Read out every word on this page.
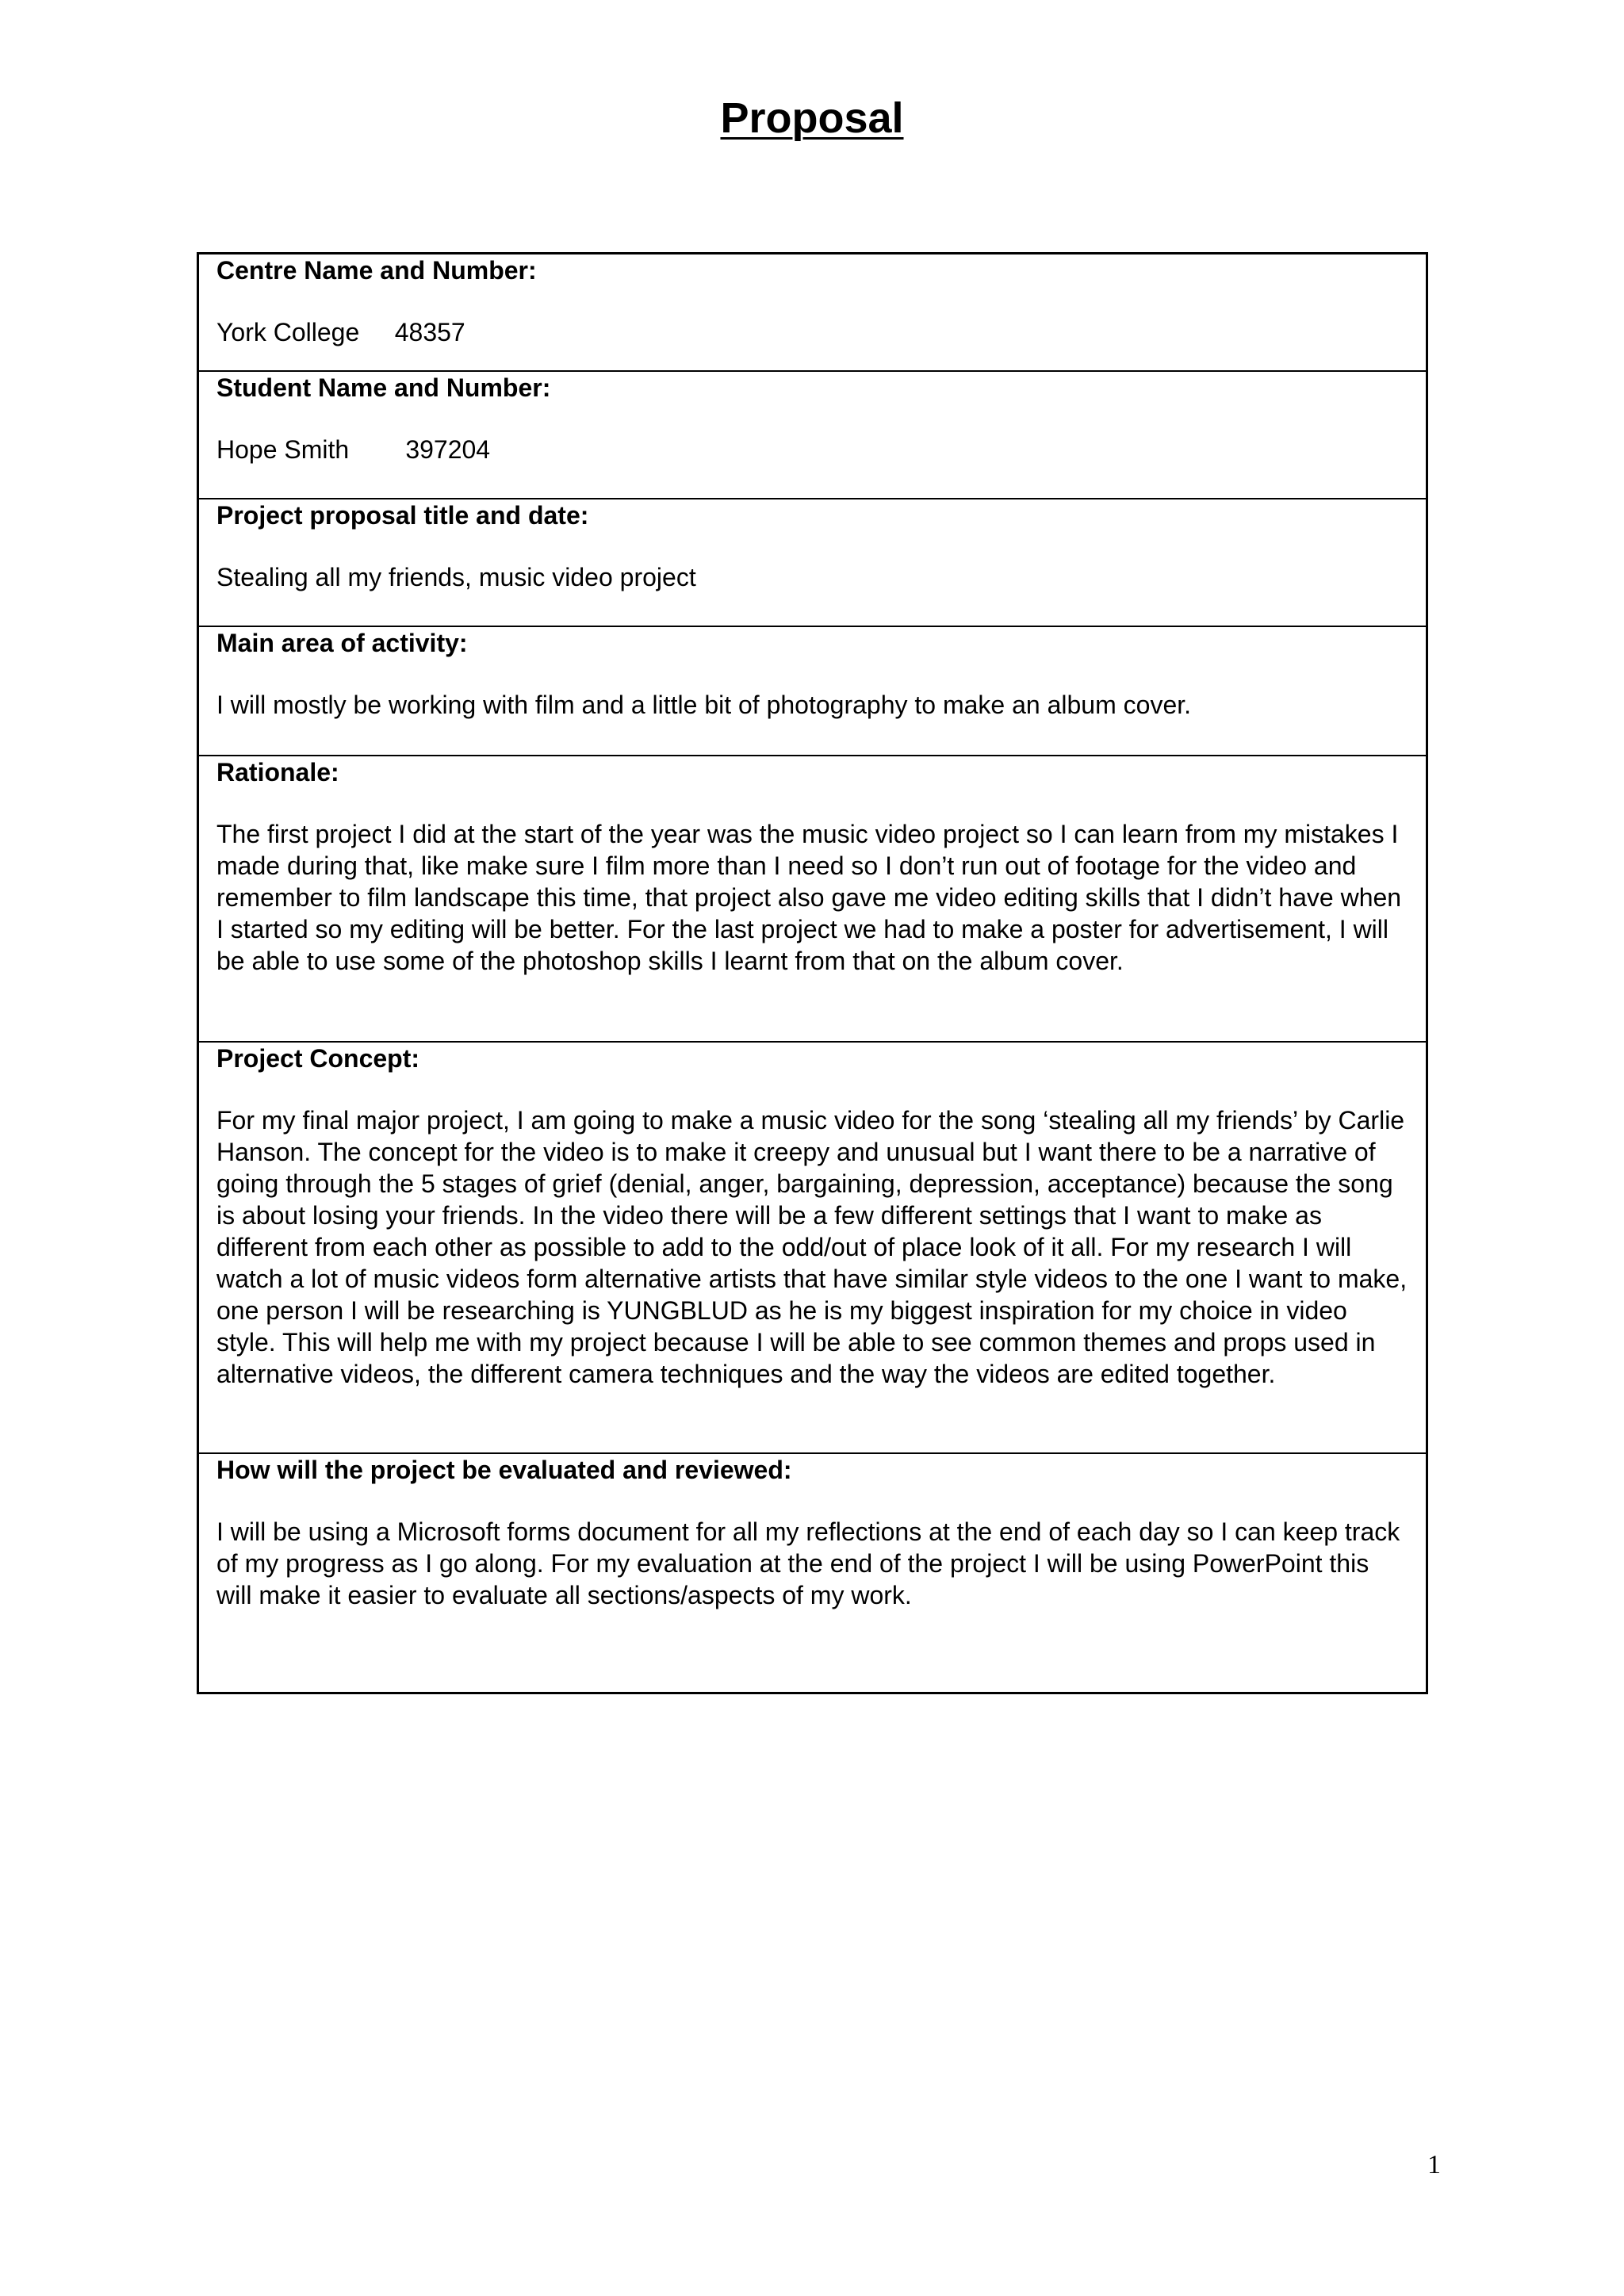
Proposal
Centre Name and Number:
York College     48357
Student Name and Number:
Hope Smith        397204
Project proposal title and date:
Stealing all my friends, music video project
Main area of activity:
I will mostly be working with film and a little bit of photography to make an album cover.
Rationale:
The first project I did at the start of the year was the music video project so I can learn from my mistakes I made during that, like make sure I film more than I need so I don’t run out of footage for the video and remember to film landscape this time, that project also gave me video editing skills that I didn’t have when I started so my editing will be better. For the last project we had to make a poster for advertisement, I will be able to use some of the photoshop skills I learnt from that on the album cover.
Project Concept:
For my final major project, I am going to make a music video for the song ‘stealing all my friends’ by Carlie Hanson. The concept for the video is to make it creepy and unusual but I want there to be a narrative of going through the 5 stages of grief (denial, anger, bargaining, depression, acceptance) because the song is about losing your friends. In the video there will be a few different settings that I want to make as different from each other as possible to add to the odd/out of place look of it all. For my research I will watch a lot of music videos form alternative artists that have similar style videos to the one I want to make, one person I will be researching is YUNGBLUD as he is my biggest inspiration for my choice in video style. This will help me with my project because I will be able to see common themes and props used in alternative videos, the different camera techniques and the way the videos are edited together.
How will the project be evaluated and reviewed:
I will be using a Microsoft forms document for all my reflections at the end of each day so I can keep track of my progress as I go along. For my evaluation at the end of the project I will be using PowerPoint this will make it easier to evaluate all sections/aspects of my work.
1
